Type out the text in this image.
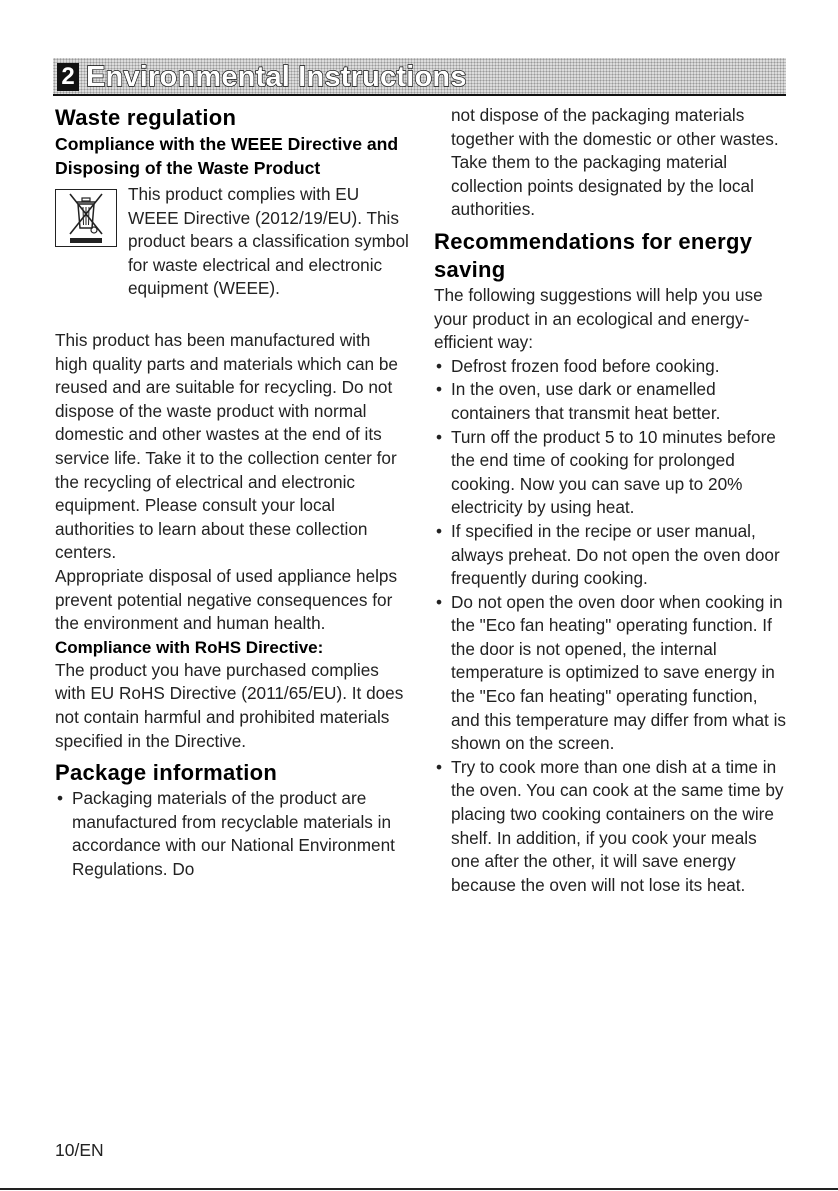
2 Environmental Instructions
Waste regulation
Compliance with the WEEE Directive and Disposing of the Waste Product

This product complies with EU WEEE Directive (2012/19/EU). This product bears a classification symbol for waste electrical and electronic equipment (WEEE).

This product has been manufactured with high quality parts and materials which can be reused and are suitable for recycling. Do not dispose of the waste product with normal domestic and other wastes at the end of its service life. Take it to the collection center for the recycling of electrical and electronic equipment. Please consult your local authorities to learn about these collection centers.

Appropriate disposal of used appliance helps prevent potential negative consequences for the environment and human health.

Compliance with RoHS Directive:

The product you have purchased complies with EU RoHS Directive (2011/65/EU). It does not contain harmful and prohibited materials specified in the Directive.

Package information
• Packaging materials of the product are manufactured from recyclable materials in accordance with our National Environment Regulations. Do

not dispose of the packaging materials together with the domestic or other wastes. Take them to the packaging material collection points designated by the local authorities.

Recommendations for energy saving

The following suggestions will help you use your product in an ecological and energy-efficient way:

• Defrost frozen food before cooking.
• In the oven, use dark or enamelled containers that transmit heat better.
• Turn off the product 5 to 10 minutes before the end time of cooking for prolonged cooking. Now you can save up to 20% electricity by using heat.
• If specified in the recipe or user manual, always preheat. Do not open the oven door frequently during cooking.
• Do not open the oven door when cooking in the "Eco fan heating" operating function. If the door is not opened, the internal temperature is optimized to save energy in the "Eco fan heating" operating function, and this temperature may differ from what is shown on the screen.
• Try to cook more than one dish at a time in the oven. You can cook at the same time by placing two cooking containers on the wire shelf. In addition, if you cook your meals one after the other, it will save energy because the oven will not lose its heat.
10/EN
